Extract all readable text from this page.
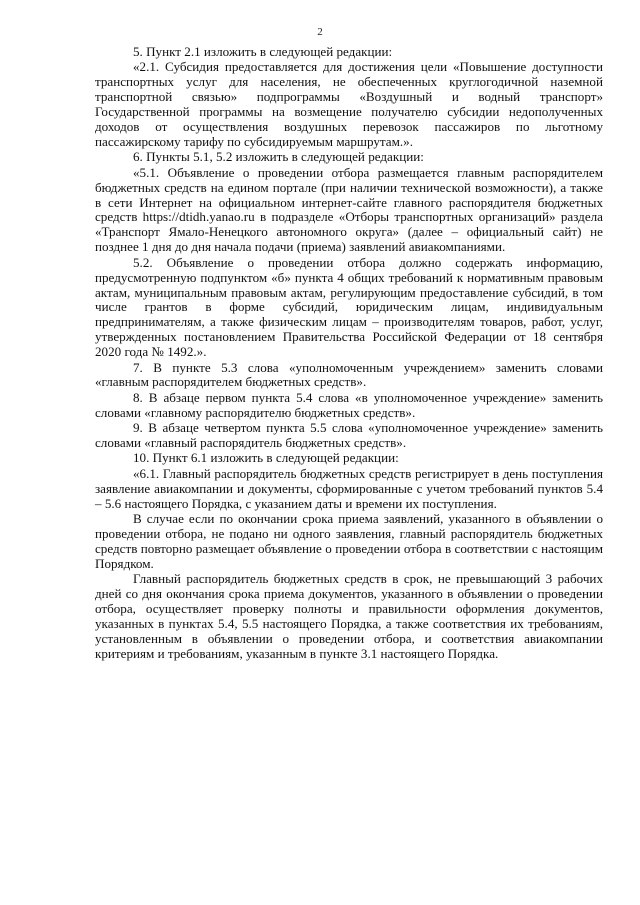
2

5. Пункт 2.1 изложить в следующей редакции:

«2.1. Субсидия предоставляется для достижения цели «Повышение доступности транспортных услуг для населения, не обеспеченных круглогодичной наземной транспортной связью» подпрограммы «Воздушный и водный транспорт» Государственной программы на возмещение получателю субсидии недополученных доходов от осуществления воздушных перевозок пассажиров по льготному пассажирскому тарифу по субсидируемым маршрутам.».

6. Пункты 5.1, 5.2 изложить в следующей редакции:

«5.1. Объявление о проведении отбора размещается главным распорядителем бюджетных средств на едином портале (при наличии технической возможности), а также в сети Интернет на официальном интернет-сайте главного распорядителя бюджетных средств https://dtidh.yanao.ru в подразделе «Отборы транспортных организаций» раздела «Транспорт Ямало-Ненецкого автономного округа» (далее – официальный сайт) не позднее 1 дня до дня начала подачи (приема) заявлений авиакомпаниями.

5.2. Объявление о проведении отбора должно содержать информацию, предусмотренную подпунктом «б» пункта 4 общих требований к нормативным правовым актам, муниципальным правовым актам, регулирующим предоставление субсидий, в том числе грантов в форме субсидий, юридическим лицам, индивидуальным предпринимателям, а также физическим лицам – производителям товаров, работ, услуг, утвержденных постановлением Правительства Российской Федерации от 18 сентября 2020 года № 1492.».

7. В пункте 5.3 слова «уполномоченным учреждением» заменить словами «главным распорядителем бюджетных средств».

8. В абзаце первом пункта 5.4 слова «в уполномоченное учреждение» заменить словами «главному распорядителю бюджетных средств».

9. В абзаце четвертом пункта 5.5 слова «уполномоченное учреждение» заменить словами «главный распорядитель бюджетных средств».

10. Пункт 6.1 изложить в следующей редакции:

«6.1. Главный распорядитель бюджетных средств регистрирует в день поступления заявление авиакомпании и документы, сформированные с учетом требований пунктов 5.4 – 5.6 настоящего Порядка, с указанием даты и времени их поступления.

В случае если по окончании срока приема заявлений, указанного в объявлении о проведении отбора, не подано ни одного заявления, главный распорядитель бюджетных средств повторно размещает объявление о проведении отбора в соответствии с настоящим Порядком.

Главный распорядитель бюджетных средств в срок, не превышающий 3 рабочих дней со дня окончания срока приема документов, указанного в объявлении о проведении отбора, осуществляет проверку полноты и правильности оформления документов, указанных в пунктах 5.4, 5.5 настоящего Порядка, а также соответствия их требованиям, установленным в объявлении о проведении отбора, и соответствия авиакомпании критериям и требованиям, указанным в пункте 3.1 настоящего Порядка.
